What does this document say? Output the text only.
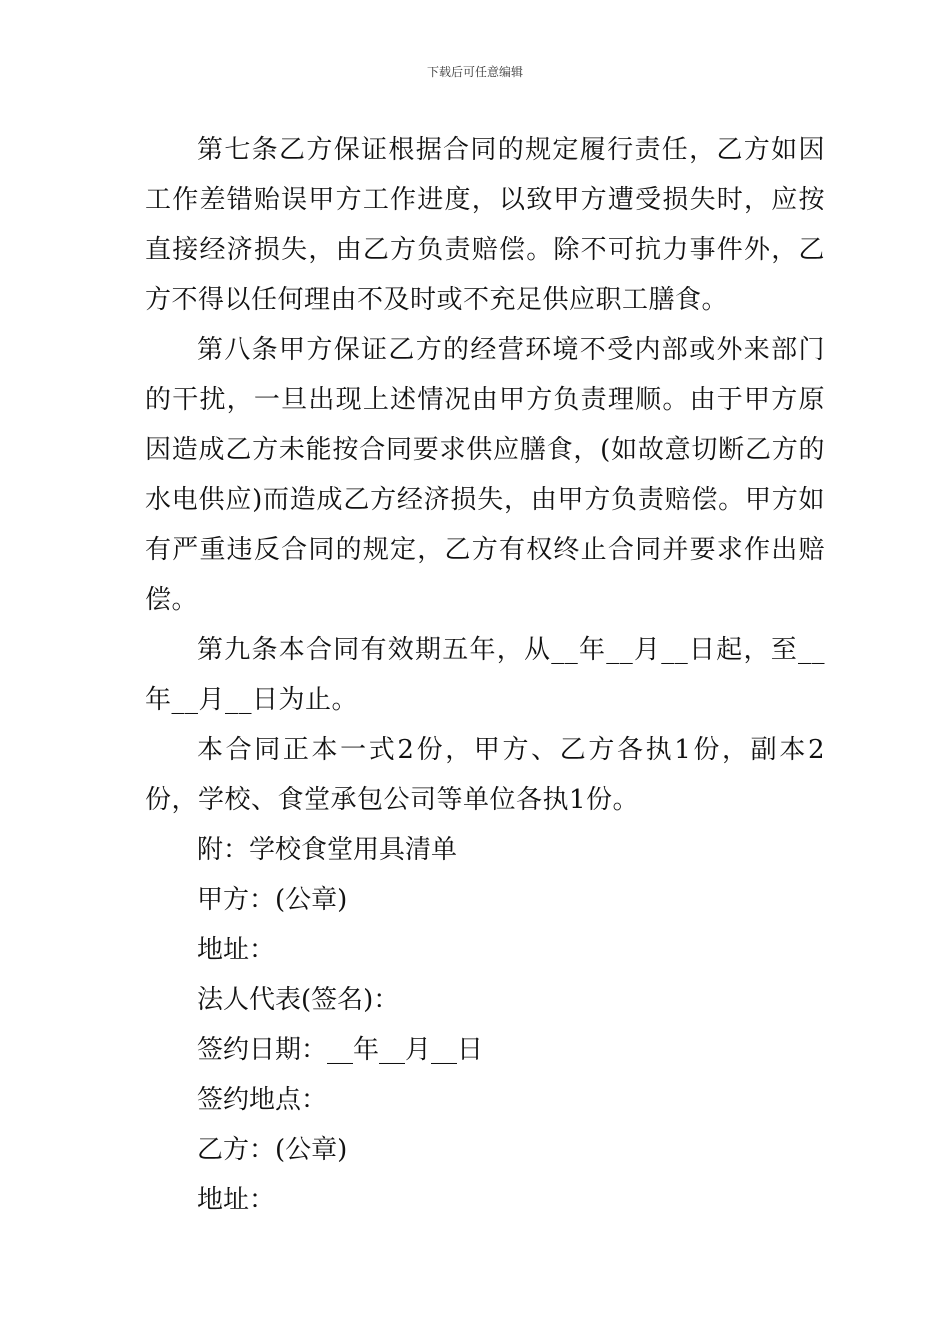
下载后可任意编辑

第七条乙方保证根据合同的规定履行责任，乙方如因工作差错贻误甲方工作进度，以致甲方遭受损失时，应按直接经济损失，由乙方负责赔偿。除不可抗力事件外，乙方不得以任何理由不及时或不充足供应职工膳食。

第八条甲方保证乙方的经营环境不受内部或外来部门的干扰，一旦出现上述情况由甲方负责理顺。由于甲方原因造成乙方未能按合同要求供应膳食，(如故意切断乙方的水电供应)而造成乙方经济损失，由甲方负责赔偿。甲方如有严重违反合同的规定，乙方有权终止合同并要求作出赔偿。

第九条本合同有效期五年，从__年__月__日起，至__年__月__日为止。

本合同正本一式2份，甲方、乙方各执1份，副本2份，学校、食堂承包公司等单位各执1份。

附：学校食堂用具清单

甲方：(公章)

地址：

法人代表(签名)：

签约日期：__年__月__日

签约地点：

乙方：(公章)

地址：
